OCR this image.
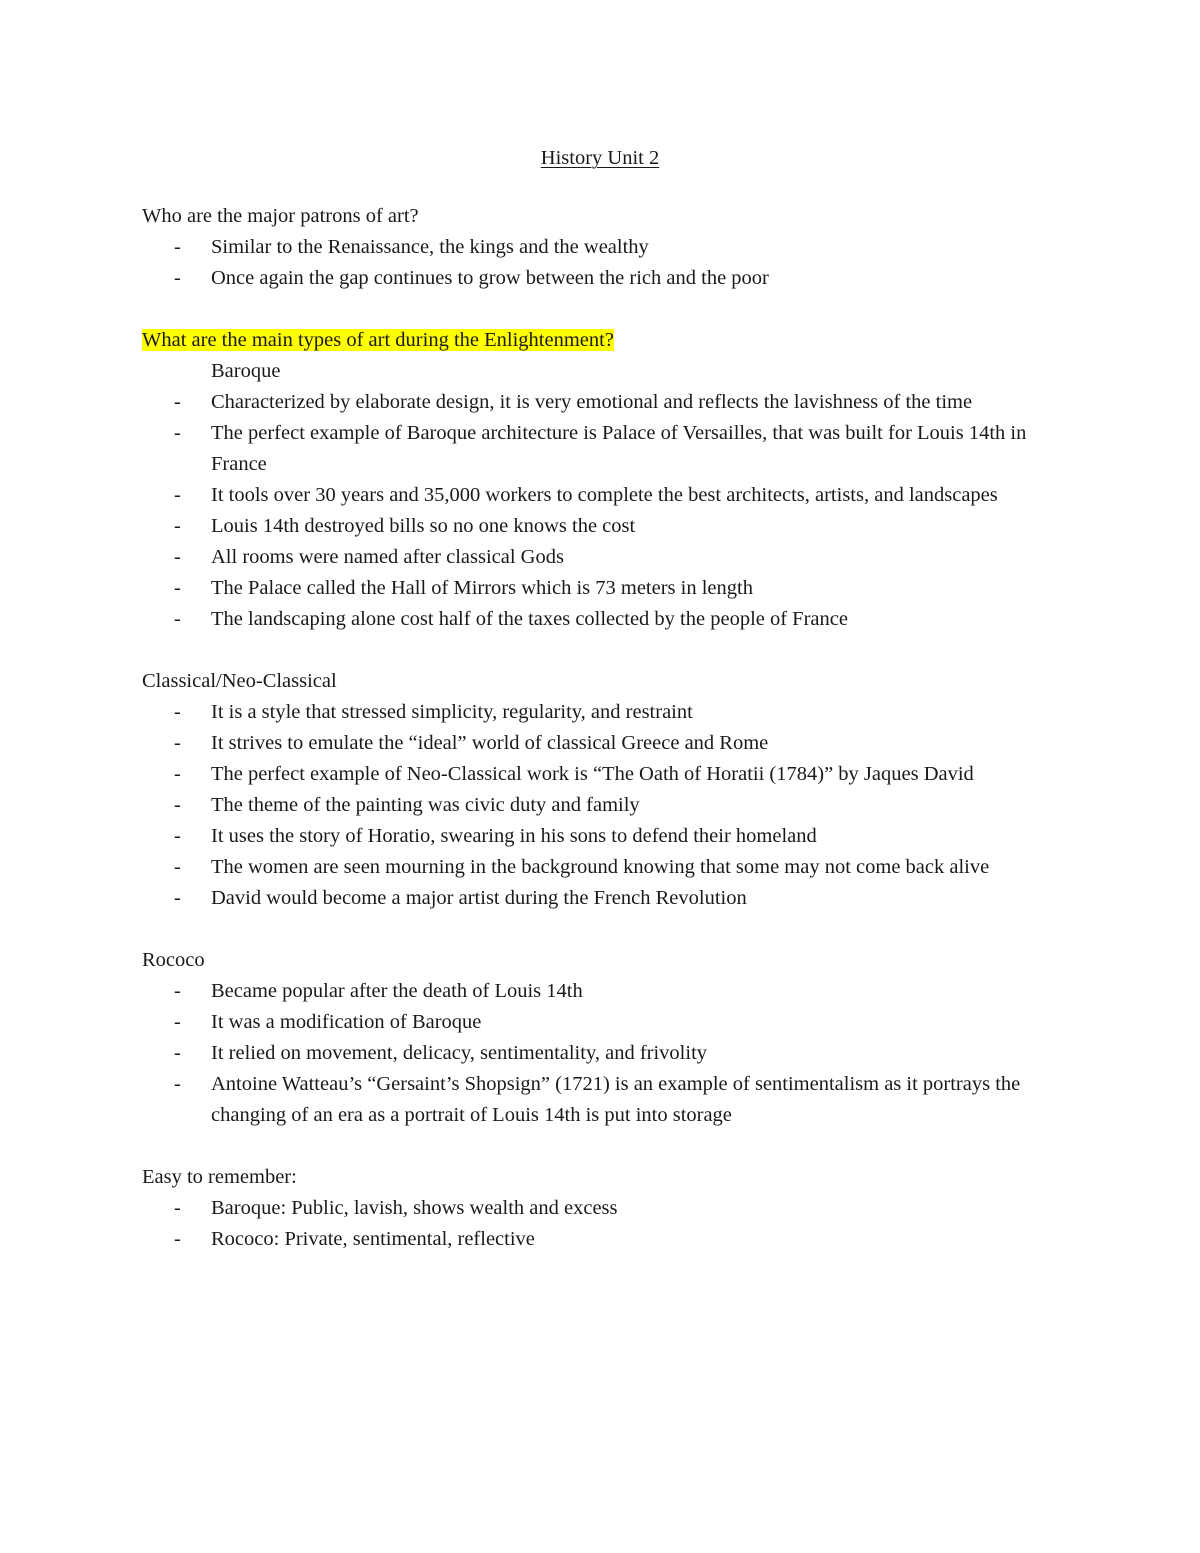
History Unit 2
Who are the major patrons of art?
- Similar to the Renaissance, the kings and the wealthy
- Once again the gap continues to grow between the rich and the poor
What are the main types of art during the Enlightenment?
Baroque
- Characterized by elaborate design, it is very emotional and reflects the lavishness of the time
- The perfect example of Baroque architecture is Palace of Versailles, that was built for Louis 14th in France
- It tools over 30 years and 35,000 workers to complete the best architects, artists, and landscapes
- Louis 14th destroyed bills so no one knows the cost
- All rooms were named after classical Gods
- The Palace called the Hall of Mirrors which is 73 meters in length
- The landscaping alone cost half of the taxes collected by the people of France
Classical/Neo-Classical
- It is a style that stressed simplicity, regularity, and restraint
- It strives to emulate the “ideal” world of classical Greece and Rome
- The perfect example of Neo-Classical work is “The Oath of Horatii (1784)” by Jaques David
- The theme of the painting was civic duty and family
- It uses the story of Horatio, swearing in his sons to defend their homeland
- The women are seen mourning in the background knowing that some may not come back alive
- David would become a major artist during the French Revolution
Rococo
- Became popular after the death of Louis 14th
- It was a modification of Baroque
- It relied on movement, delicacy, sentimentality, and frivolity
- Antoine Watteau’s “Gersaint’s Shopsign” (1721) is an example of sentimentalism as it portrays the changing of an era as a portrait of Louis 14th is put into storage
Easy to remember:
- Baroque: Public, lavish, shows wealth and excess
- Rococo: Private, sentimental, reflective
